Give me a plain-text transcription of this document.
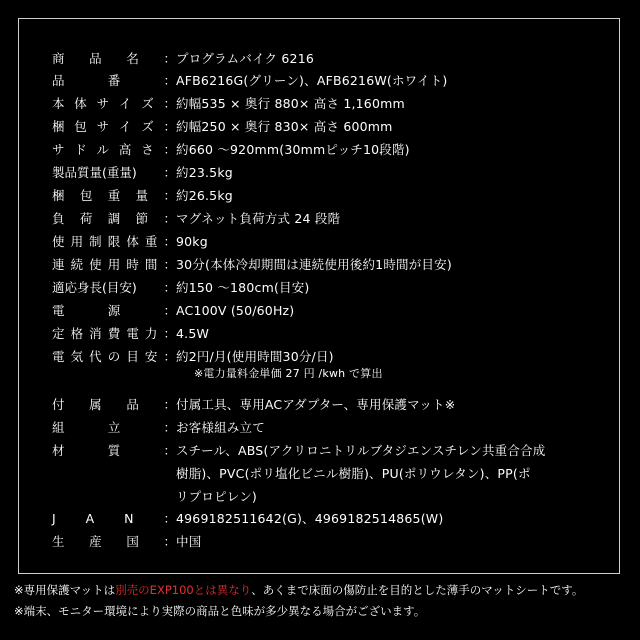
商 品 名 ： プログラムバイク 6216
品	番	： AFB6216G(グリーン)、AFB6216W(ホワイト)
本 体 サ イ ズ ： 約幅535 × 奥行 880× 高さ 1,160mm
梱 包 サ イ ズ ： 約幅250 × 奥行 830× 高さ 600mm
サ ド ル 高 さ ： 約660 〜920mm(30mmピッチ10段階)
製品質量(重量) ： 約23.5kg
梱 包 重 量 ： 約26.5kg
負 荷 調 節 ： マグネット負荷方式 24 段階
使 用 制 限 体 重 ： 90kg
連 続 使 用 時 間 ： 30分(本体冷却期間は連続使用後約1時間が目安)
適応身長(目安) ： 約150 〜180cm(目安)
電	源	： AC100V (50/60Hz)
定 格 消 費 電 力 ： 4.5W
電 気 代 の 目 安 ： 約2円/月(使用時間30分/日)
※電力量料金単価 27 円 /kwh で算出
付 属 品 ： 付属工具、専用ACアダプター、専用保護マット※
組	立	： お客様組み立て
材	質	： スチール、ABS(アクリロニトリルブタジエンスチレン共重合合成
樹脂)、PVC(ポリ塩化ビニル樹脂)、PU(ポリウレタン)、PP(ポ
リプロピレン)
J A N ： 4969182511642(G)、4969182514865(W)
生 産 国 ： 中国
※専用保護マットは別売のEXP100とは異なり、あくまで床面の傷防止を目的とした薄手のマットシートです。
※端末、モニター環境により実際の商品と色味が多少異なる場合がございます。
